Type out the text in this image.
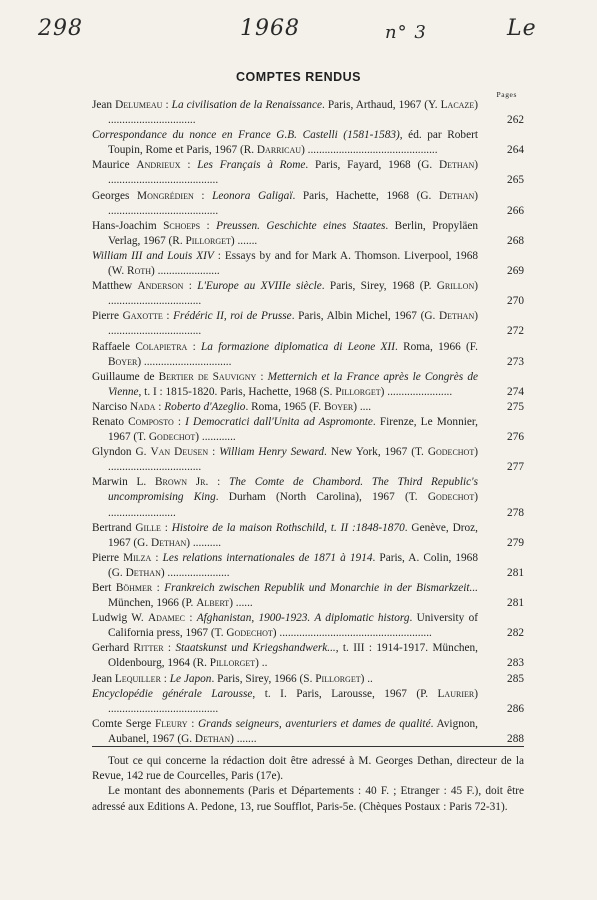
298	1968	n° 3	Le
COMPTES RENDUS
Pages
Jean Delumeau : La civilisation de la Renaissance. Paris, Arthaud, 1967 (Y. Lacaze) ...............................	262
Correspondance du nonce en France G.B. Castelli (1581-1583), éd. par Robert Toupin, Rome et Paris, 1967 (R. Darricau) ..............................................	264
Maurice Andrieux : Les Français à Rome. Paris, Fayard, 1968 (G. Dethan) .......................................	265
Georges Mongrédien : Leonora Galigaï. Paris, Hachette, 1968 (G. Dethan) .......................................	266
Hans-Joachim Schoeps : Preussen. Geschichte eines Staates. Berlin, Propyläen Verlag, 1967 (R. Pillorget) .......	268
William III and Louis XIV : Essays by and for Mark A. Thomson. Liverpool, 1968 (W. Roth) ......................	269
Matthew Anderson : L'Europe au XVIIIe siècle. Paris, Sirey, 1968 (P. Grillon) .................................	270
Pierre Gaxotte : Frédéric II, roi de Prusse. Paris, Albin Michel, 1967 (G. Dethan) .................................	272
Raffaele Colapietra : La formazione diplomatica di Leone XII. Roma, 1966 (F. Boyer) ...............................	273
Guillaume de Bertier de Sauvigny : Metternich et la France après le Congrès de Vienne, t. I : 1815-1820. Paris, Hachette, 1968 (S. Pillorget) .......................	274
Narciso Nada : Roberto d'Azeglio. Roma, 1965 (F. Boyer) ....	275
Renato Composto : I Democratici dall'Unita ad Aspromonte. Firenze, Le Monnier, 1967 (T. Godechot) ............	276
Glyndon G. Van Deusen : William Henry Seward. New York, 1967 (T. Godechot) .................................	277
Marwin L. Brown Jr. : The Comte de Chambord. The Third Republic's uncompromising King. Durham (North Carolina), 1967 (T. Godechot) ........................	278
Bertrand Gille : Histoire de la maison Rothschild, t. II :1848-1870. Genève, Droz, 1967 (G. Dethan) ..........	279
Pierre Milza : Les relations internationales de 1871 à 1914. Paris, A. Colin, 1968 (G. Dethan) ......................	281
Bert Böhmer : Frankreich zwischen Republik und Monarchie in der Bismarkzeit... München, 1966 (P. Albert) ......	281
Ludwig W. Adamec : Afghanistan, 1900-1923. A diplomatic historg. University of California press, 1967 (T. Godechot) ......................................................	282
Gerhard Ritter : Staatskunst und Kriegshandwerk..., t. III : 1914-1917. München, Oldenbourg, 1964 (R. Pillorget) ..	283
Jean Lequiller : Le Japon. Paris, Sirey, 1966 (S. Pillorget) ..	285
Encyclopédie générale Larousse, t. I. Paris, Larousse, 1967 (P. Laurier) .......................................	286
Comte Serge Fleury : Grands seigneurs, aventuriers et dames de qualité. Avignon, Aubanel, 1967 (G. Dethan) .......	288

Tout ce qui concerne la rédaction doit être adressé à M. Georges Dethan, directeur de la Revue, 142 rue de Courcelles, Paris (17e).

Le montant des abonnements (Paris et Départements : 40 F. ; Etranger : 45 F.), doit être adressé aux Editions A. Pedone, 13, rue Soufflot, Paris-5e. (Chèques Postaux : Paris 72-31).
